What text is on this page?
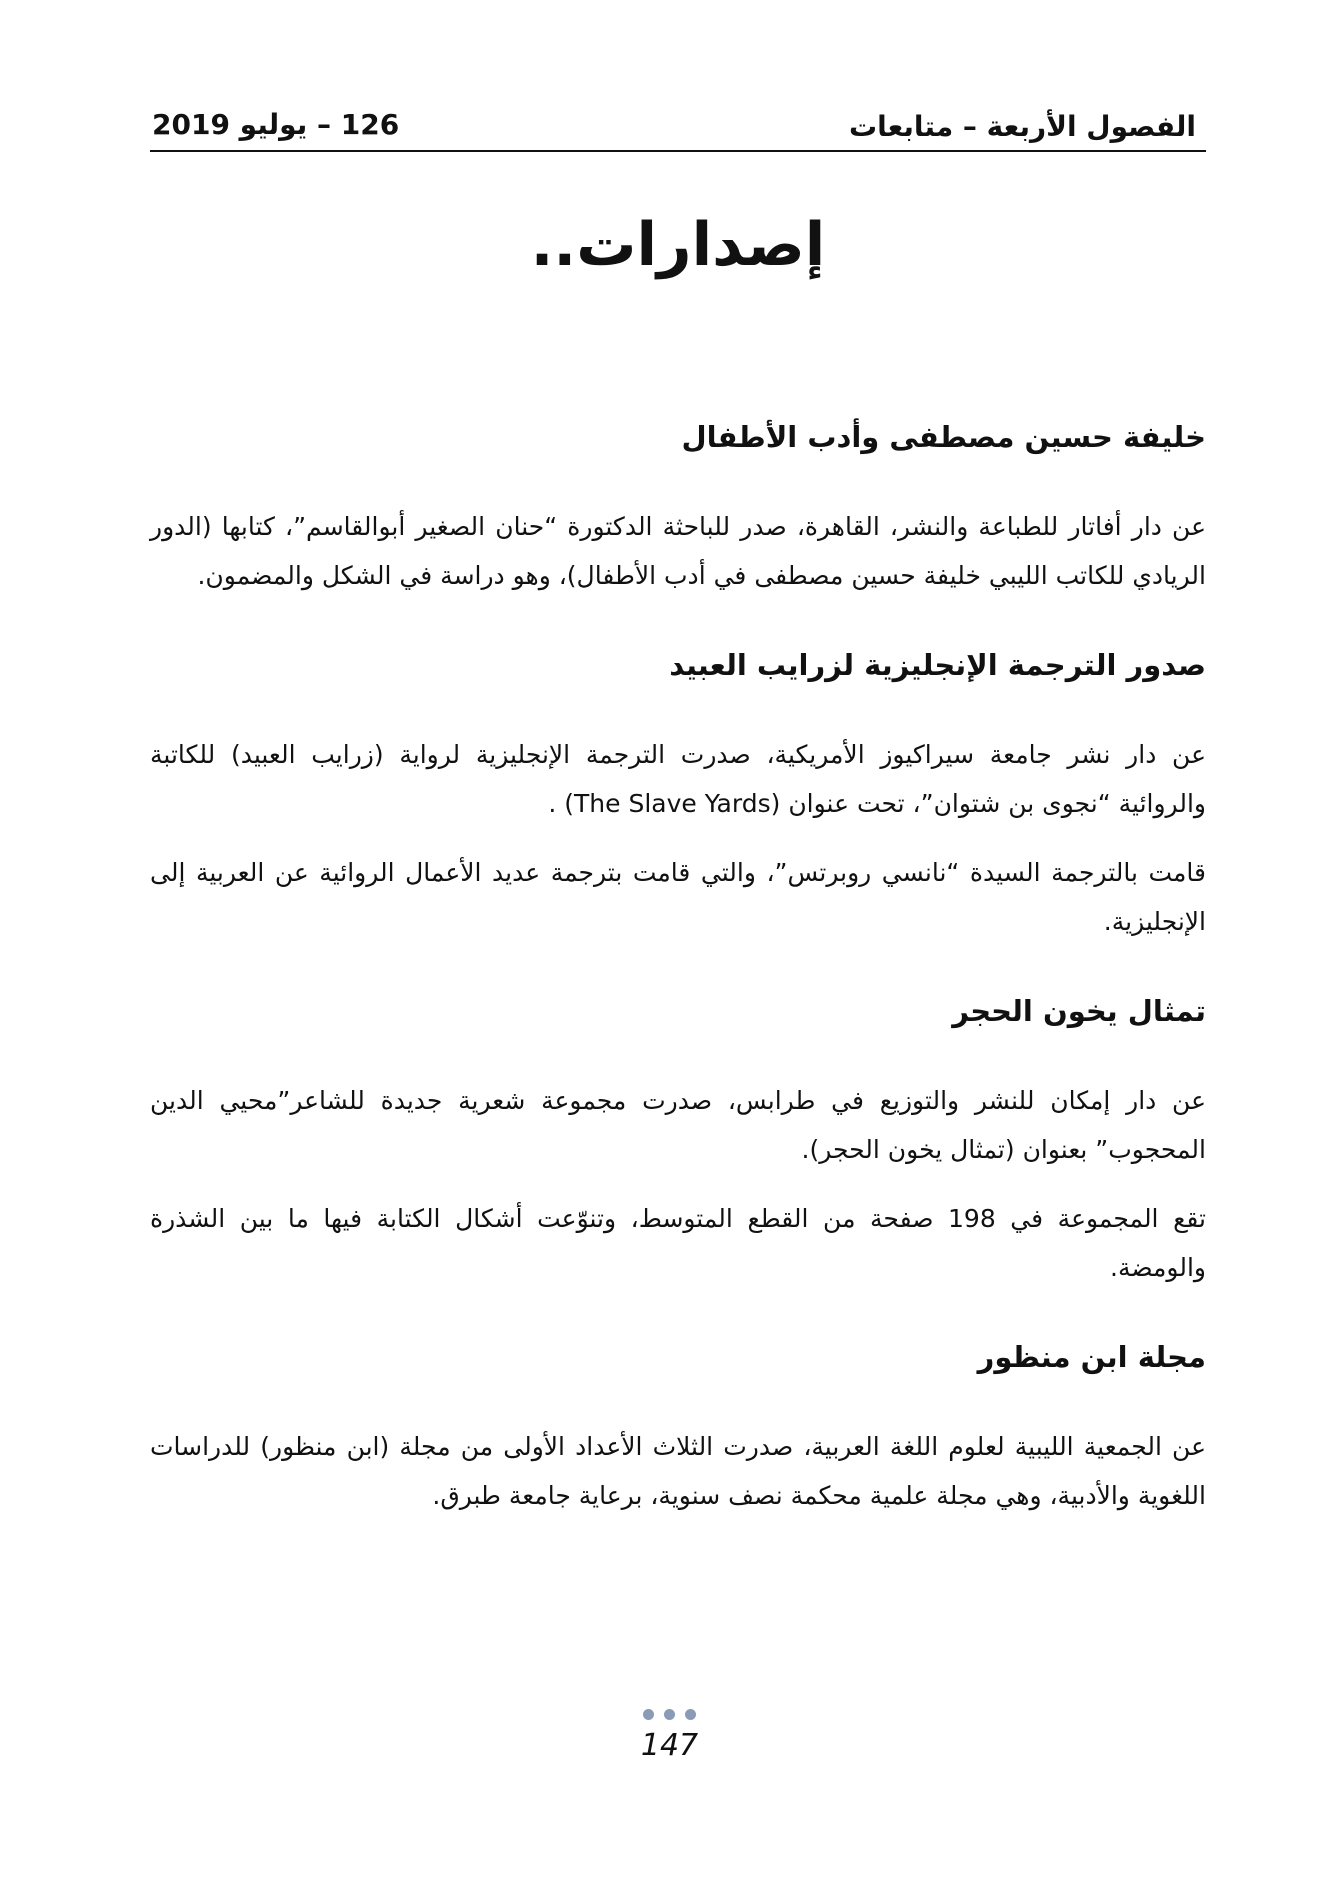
الفصول الأربعة – متابعات
126 – يوليو 2019
إصدارات..
خليفة حسين مصطفى وأدب الأطفال

عن دار أفاتار للطباعة والنشر، القاهرة، صدر للباحثة الدكتورة “حنان الصغير أبوالقاسم”، كتابها (الدور الريادي للكاتب الليبي خليفة حسين مصطفى في أدب الأطفال)، وهو دراسة في الشكل والمضمون.

صدور الترجمة الإنجليزية لزرايب العبيد

عن دار نشر جامعة سيراكيوز الأمريكية، صدرت الترجمة الإنجليزية لرواية (زرايب العبيد) للكاتبة والروائية “نجوى بن شتوان”، تحت عنوان (The Slave Yards) .

قامت بالترجمة السيدة “نانسي روبرتس”، والتي قامت بترجمة عديد الأعمال الروائية عن العربية إلى الإنجليزية.

تمثال يخون الحجر

عن دار إمكان للنشر والتوزيع في طرابس، صدرت مجموعة شعرية جديدة للشاعر”محيي الدين المحجوب” بعنوان (تمثال يخون الحجر).

تقع المجموعة في 198 صفحة من القطع المتوسط، وتنوّعت أشكال الكتابة فيها ما بين الشذرة والومضة.

مجلة ابن منظور

عن الجمعية الليبية لعلوم اللغة العربية، صدرت الثلاث الأعداد الأولى من مجلة (ابن منظور) للدراسات اللغوية والأدبية، وهي مجلة علمية محكمة نصف سنوية، برعاية جامعة طبرق.

147
